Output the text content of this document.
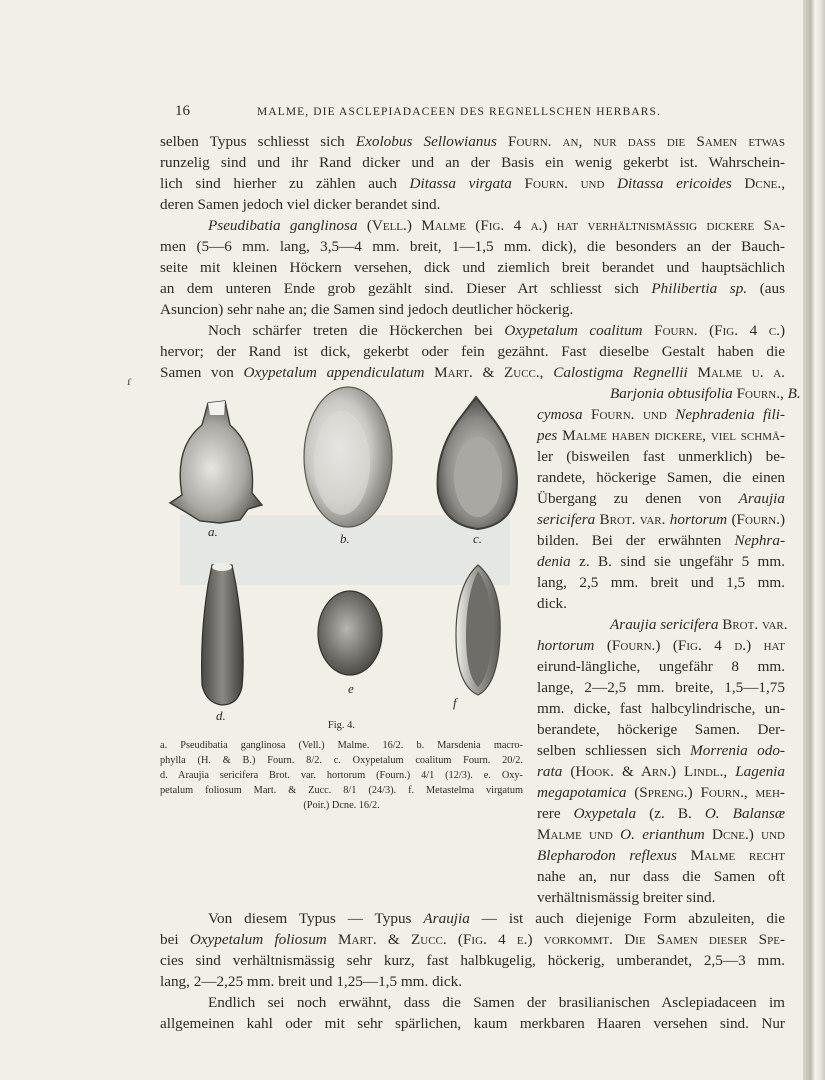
16	MALME, DIE ASCLEPIADACEEN DES REGNELLSCHEN HERBARS.
ɾ
selben Typus schliesst sich Exolobus Sellowianus Fourn. an, nur dass die Samen etwas
runzelig sind und ihr Rand dicker und an der Basis ein wenig gekerbt ist. Wahrschein-
lich sind hierher zu zählen auch Ditassa virgata Fourn. und Ditassa ericoides Dcne.,
deren Samen jedoch viel dicker berandet sind.
Pseudibatia ganglinosa (Vell.) Malme (Fig. 4 a.) hat verhältnismässig dickere Sa-
men (5—6 mm. lang, 3,5—4 mm. breit, 1—1,5 mm. dick), die besonders an der Bauch-
seite mit kleinen Höckern versehen, dick und ziemlich breit berandet und hauptsächlich
an dem unteren Ende grob gezählt sind. Dieser Art schliesst sich Philibertia sp. (aus
Asuncion) sehr nahe an; die Samen sind jedoch deutlicher höckerig.
Noch schärfer treten die Höckerchen bei Oxypetalum coalitum Fourn. (Fig. 4 c.)
hervor; der Rand ist dick, gekerbt oder fein gezähnt. Fast dieselbe Gestalt haben die
Samen von Oxypetalum appendiculatum Mart. & Zucc., Calostigma Regnellii Malme u. a.
Barjonia obtusifolia Fourn., B.
cymosa Fourn. und Nephradenia fili-
pes Malme haben dickere, viel schmä-
ler (bisweilen fast unmerklich) be-
randete, höckerige Samen, die einen
Übergang zu denen von Araujia
sericifera Brot. var. hortorum (Fourn.)
bilden. Bei der erwähnten Nephra-
denia z. B. sind sie ungefähr 5 mm.
lang, 2,5 mm. breit und 1,5 mm.
dick.
Araujia sericifera Brot. var.
hortorum (Fourn.) (Fig. 4 d.) hat
eirund-längliche, ungefähr 8 mm.
lange, 2—2,5 mm. breite, 1,5—1,75
mm. dicke, fast halbcylindrische, un-
berandete, höckerige Samen. Der-
selben schliessen sich Morrenia odo-
rata (Hook. & Arn.) Lindl., Lagenia
megapotamica (Spreng.) Fourn., meh-
rere Oxypetala (z. B. O. Balansæ
Malme und O. erianthum Dcne.) und
Blepharodon reflexus Malme recht
nahe an, nur dass die Samen oft
verhältnismässig breiter sind.
Von diesem Typus — Typus Araujia — ist auch diejenige Form abzuleiten, die
bei Oxypetalum foliosum Mart. & Zucc. (Fig. 4 e.) vorkommt. Die Samen dieser Spe-
cies sind verhältnismässig sehr kurz, fast halbkugelig, höckerig, umberandet, 2,5—3 mm.
lang, 2—2,25 mm. breit und 1,25—1,5 mm. dick.
Endlich sei noch erwähnt, dass die Samen der brasilianischen Asclepiadaceen im
allgemeinen kahl oder mit sehr spärlichen, kaum merkbaren Haaren versehen sind. Nur
a.	b.	c.
d.
e
f
Fig. 4.
a. Pseudibatia ganglinosa (Vell.) Malme. 16/2. b. Marsdenia macro-
phylla (H. & B.) Fourn. 8/2. c. Oxypetalum coalitum Fourn. 20/2.
d. Araujia sericifera Brot. var. hortorum (Fourn.) 4/1 (12/3). e. Oxy-
petalum foliosum Mart. & Zucc. 8/1 (24/3). f. Metastelma virgatum
(Poir.) Dcne. 16/2.
